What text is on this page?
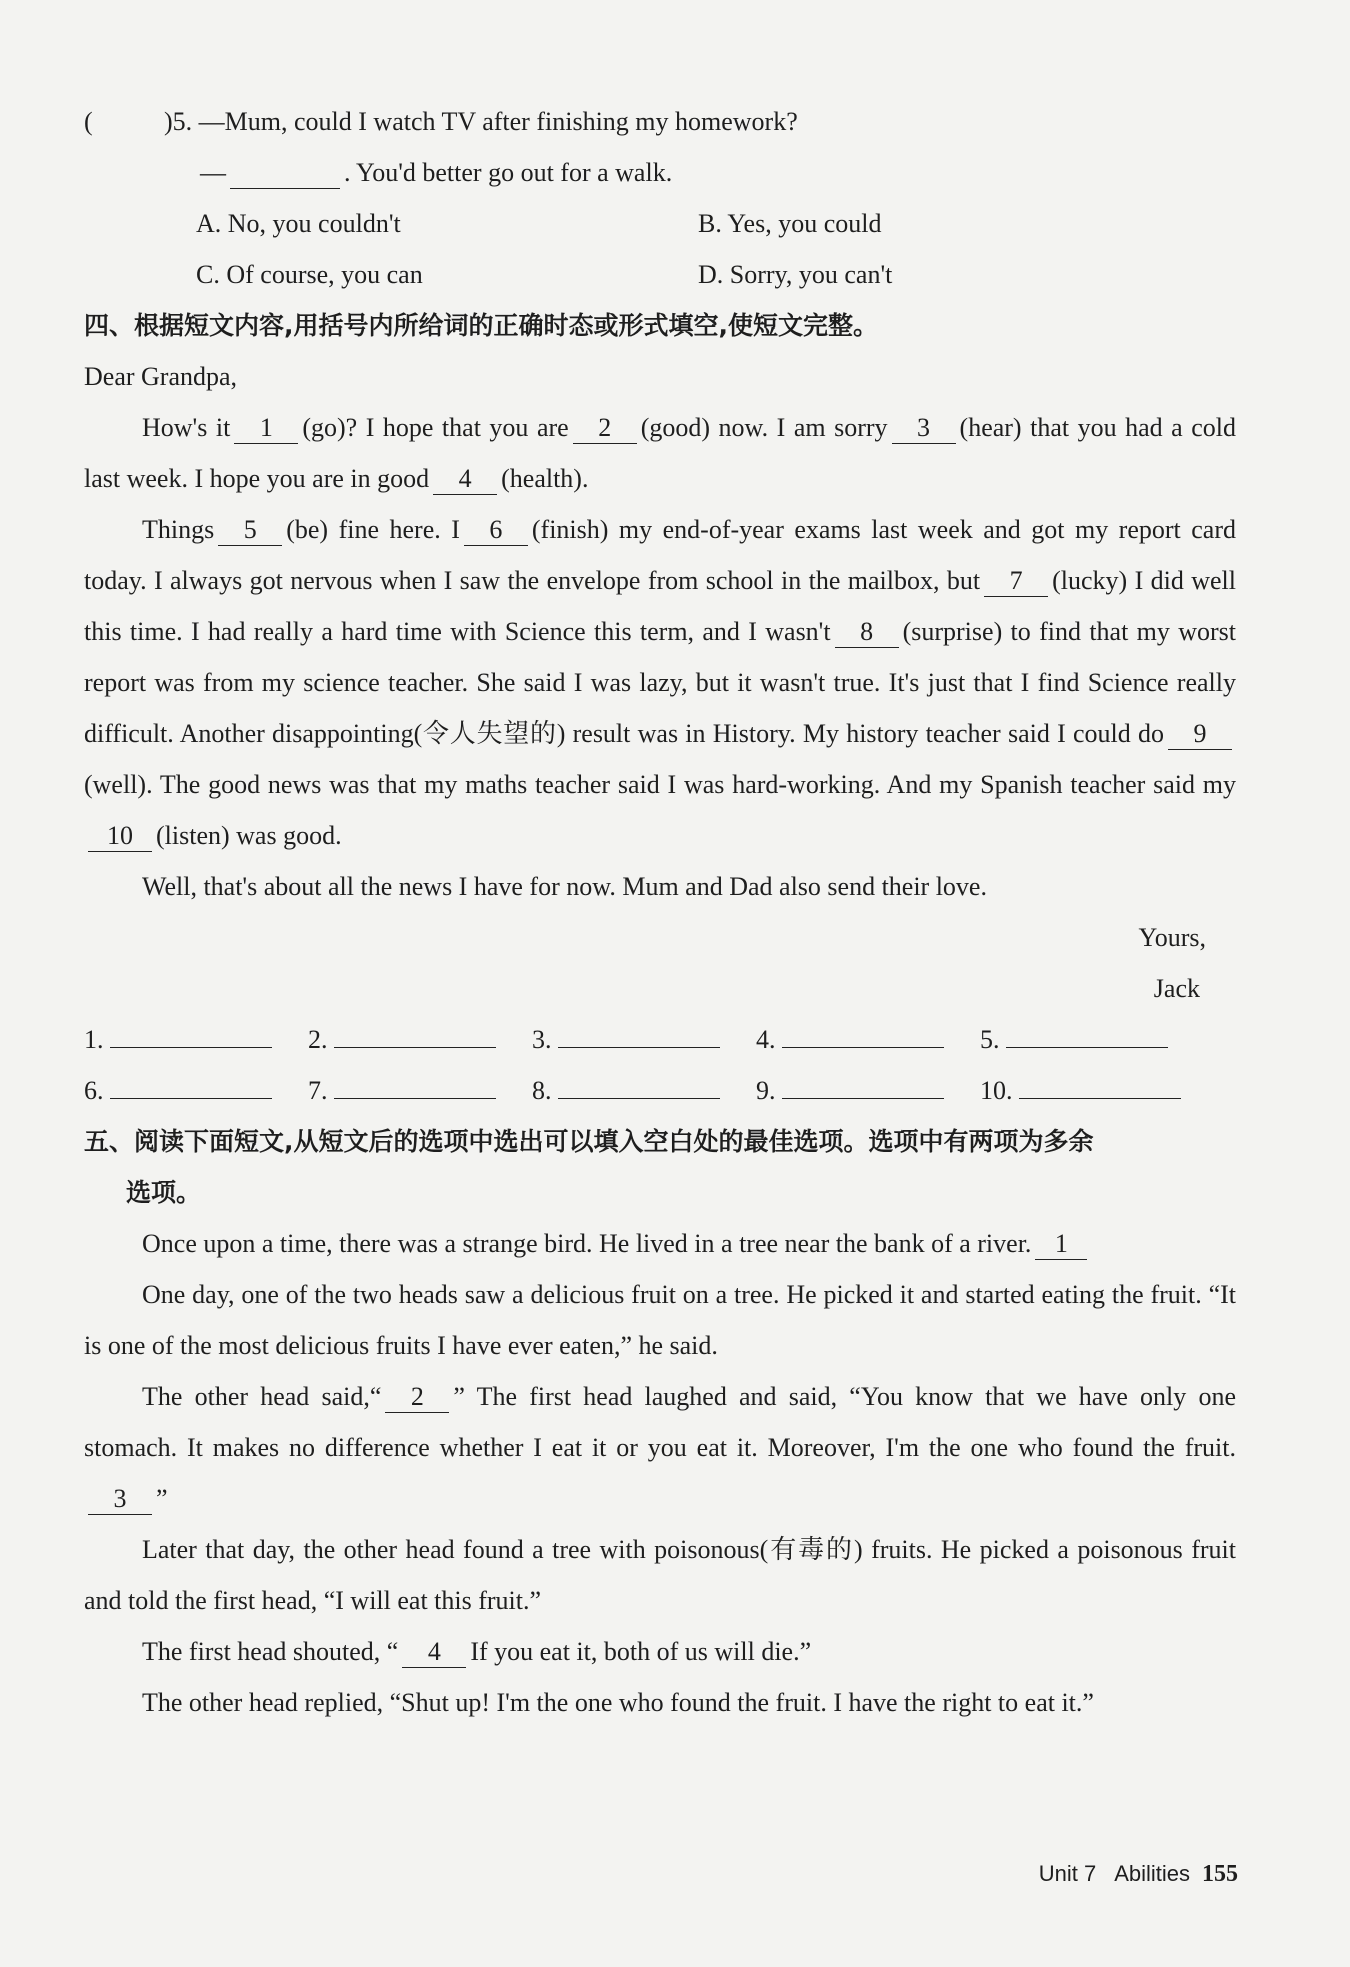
(	)5. —Mum, could I watch TV after finishing my homework?
—	. You'd better go out for a walk.
A. No, you couldn't	B. Yes, you could
C. Of course, you can	D. Sorry, you can't
四、根据短文内容,用括号内所给词的正确时态或形式填空,使短文完整。
Dear Grandpa,

How's it 1 (go)? I hope that you are 2 (good) now. I am sorry 3 (hear) that you had a cold last week. I hope you are in good 4 (health).

Things 5 (be) fine here. I 6 (finish) my end-of-year exams last week and got my report card today. I always got nervous when I saw the envelope from school in the mailbox, but 7 (lucky) I did well this time. I had really a hard time with Science this term, and I wasn't 8 (surprise) to find that my worst report was from my science teacher. She said I was lazy, but it wasn't true. It's just that I find Science really difficult. Another disappointing(令人失望的) result was in History. My history teacher said I could do 9(well). The good news was that my maths teacher said I was hard-working. And my Spanish teacher said my10 (listen) was good.

Well, that's about all the news I have for now. Mum and Dad also send their love.

Yours,
Jack
1.	2.	3.	4.	5.
6.	7.	8.	9.	10.
五、阅读下面短文,从短文后的选项中选出可以填入空白处的最佳选项。选项中有两项为多余
选项。

Once upon a time, there was a strange bird. He lived in a tree near the bank of a river. 1

One day, one of the two heads saw a delicious fruit on a tree. He picked it and started eating the fruit. “It is one of the most delicious fruits I have ever eaten,” he said.

The other head said,“ 2 ” The first head laughed and said, “You know that we have only one stomach. It makes no difference whether I eat it or you eat it. Moreover, I'm the one who found the fruit.3 ”

Later that day, the other head found a tree with poisonous(有毒的) fruits. He picked a poisonous fruit and told the first head, “I will eat this fruit.”

The first head shouted, “ 4 If you eat it, both of us will die.”

The other head replied, “Shut up! I'm the one who found the fruit. I have the right to eat it.”

Unit 7 Abilities 155
